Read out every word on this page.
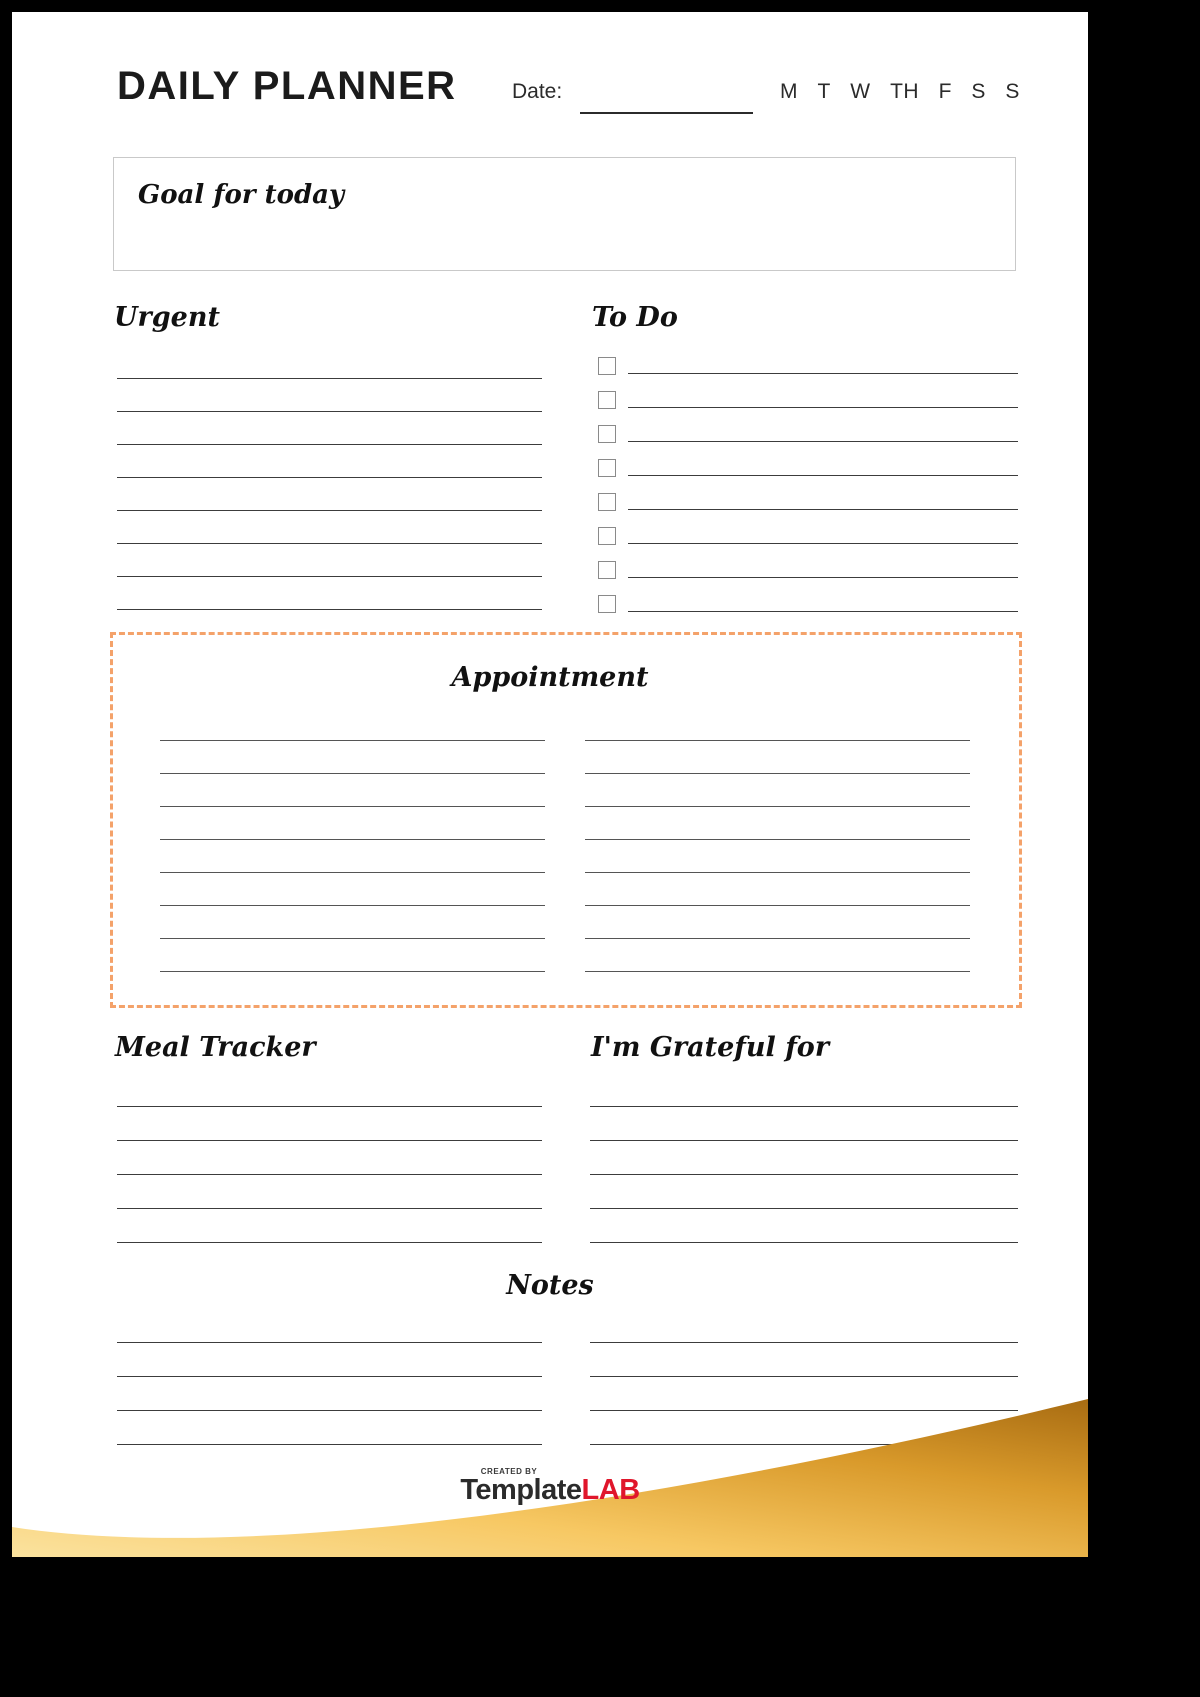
DAILY PLANNER	Date:	M T W TH F S S
Goal for today
Urgent	To Do
Appointment
Meal Tracker	I'm Grateful for
Notes
CREATED BY
TemplateLAB
